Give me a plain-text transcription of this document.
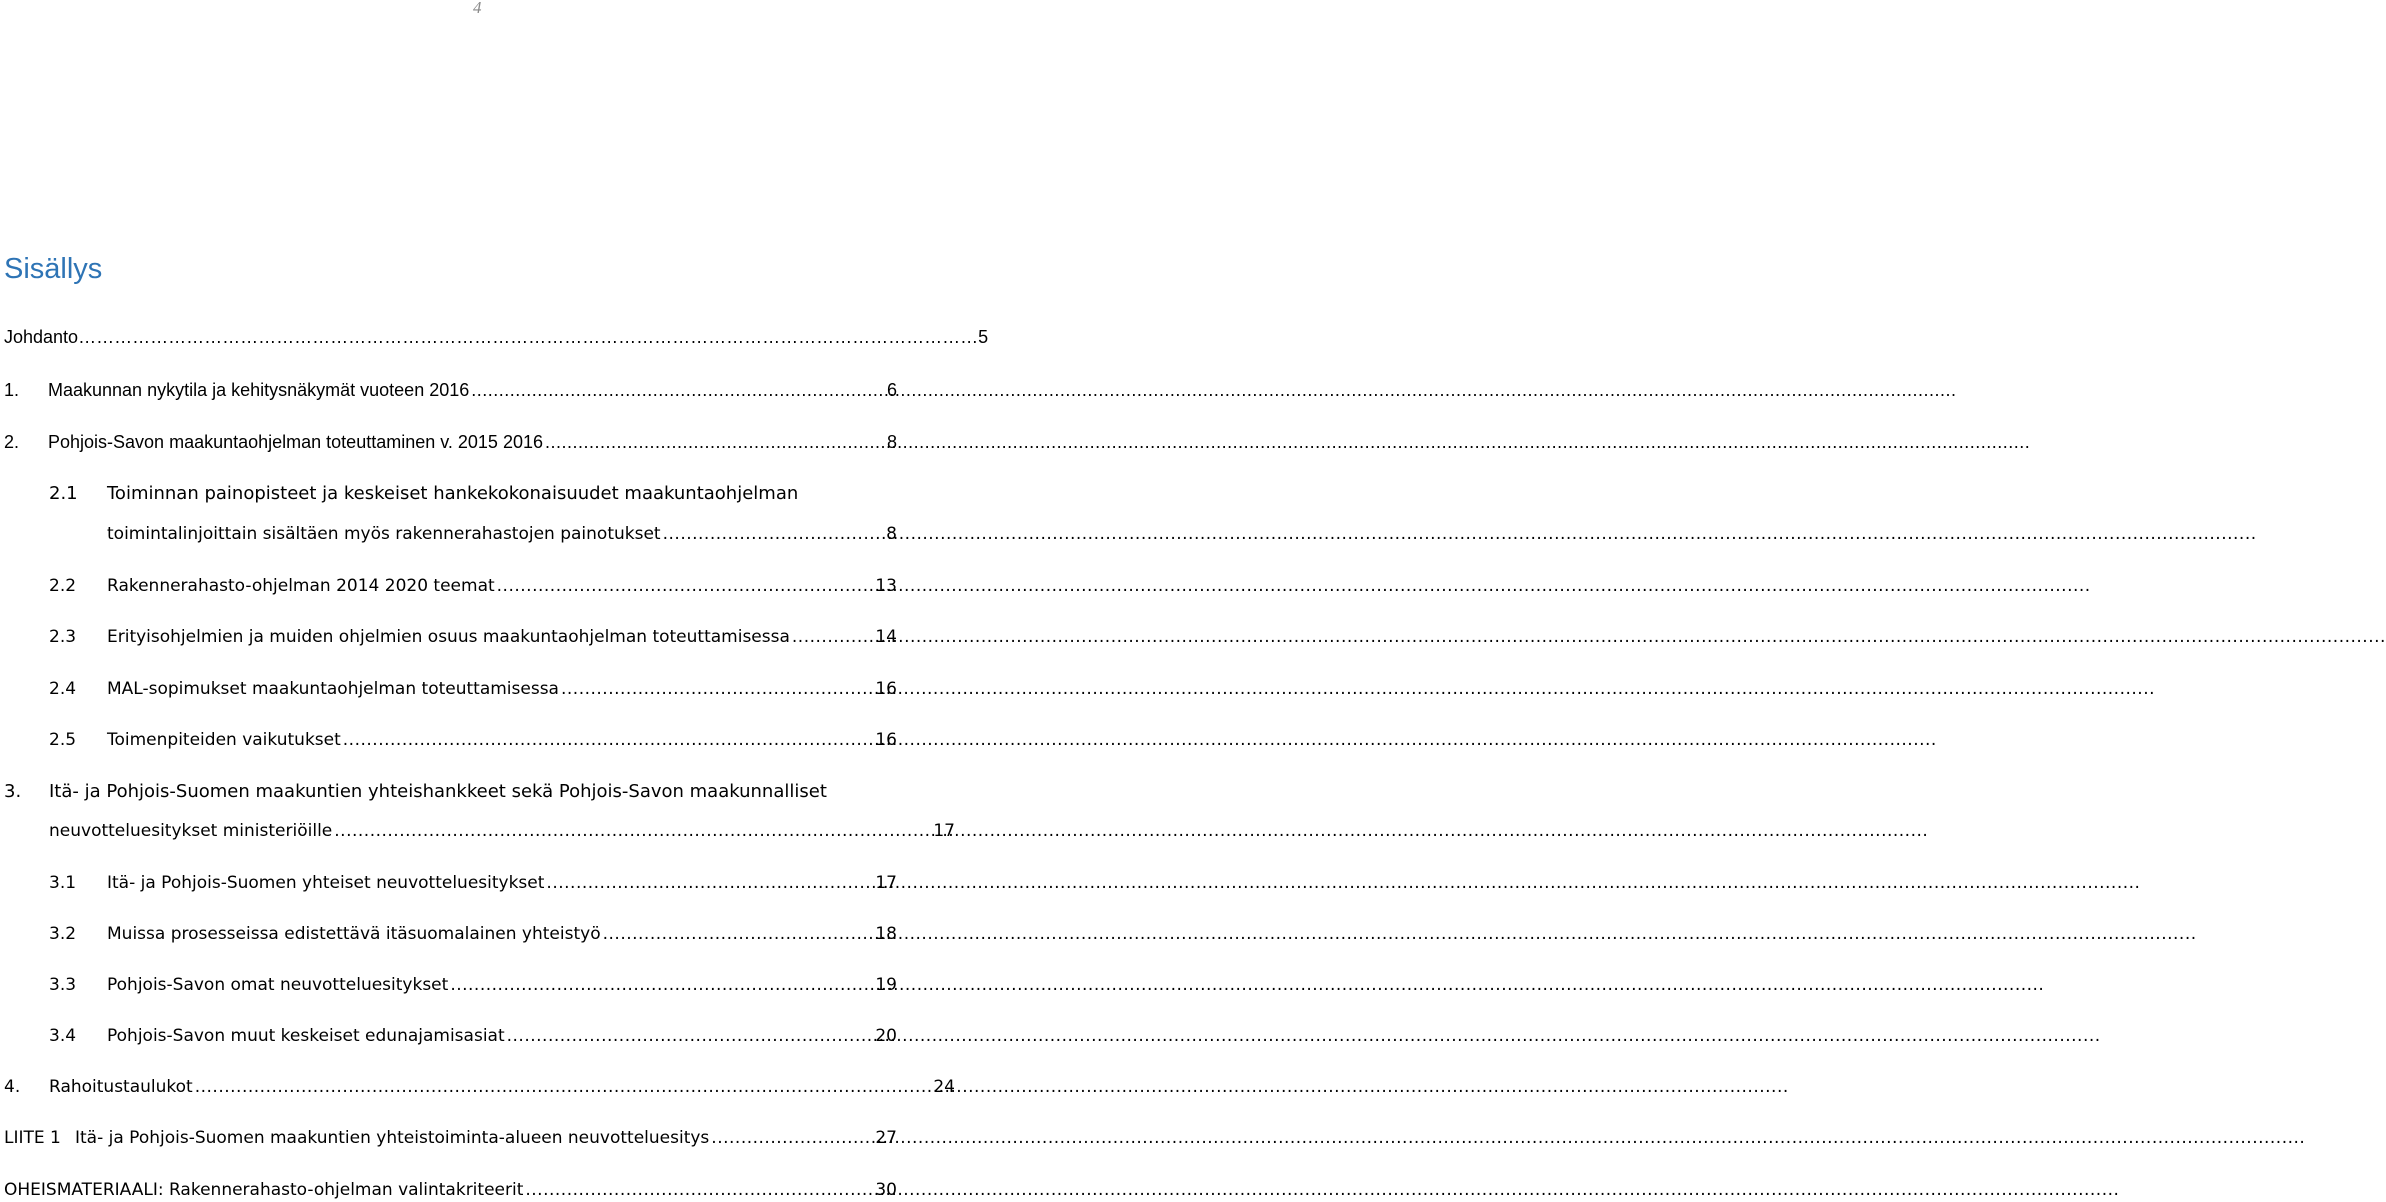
4
Sisällys
Johdanto…………………………………………………………………………………………………………………………………… 5
1.	Maakunnan nykytila ja kehitysnäkymät vuoteen 2016 .....	6
2.	Pohjois-Savon maakuntaohjelman toteuttaminen v. 2015 2016 .....	8
2.1 Toiminnan painopisteet ja keskeiset hankekokonaisuudet maakuntaohjelman
toimintalinjoittain sisältäen myös rakennerahastojen painotukset .....	8
2.2	Rakennerahasto-ohjelman 2014 2020 teemat .....	13
2.3	Erityisohjelmien ja muiden ohjelmien osuus maakuntaohjelman toteuttamisessa .....	14
2.4	MAL-sopimukset maakuntaohjelman toteuttamisessa .....	16
2.5	Toimenpiteiden vaikutukset .....	16
3. Itä- ja Pohjois-Suomen maakuntien yhteishankkeet sekä Pohjois-Savon maakunnalliset
neuvotteluesitykset ministeriöille .....	17
3.1	Itä- ja Pohjois-Suomen yhteiset neuvotteluesitykset .....	17
3.2	Muissa prosesseissa edistettävä itäsuomalainen yhteistyö .....	18
3.3	Pohjois-Savon omat neuvotteluesitykset .....	19
3.4	Pohjois-Savon muut keskeiset edunajamisasiat .....	20
4.	Rahoitustaulukot .....	24
LIITE 1 Itä- ja Pohjois-Suomen maakuntien yhteistoiminta-alueen neuvotteluesitys .....	27
OHEISMATERIAALI: Rakennerahasto-ohjelman valintakriteerit .....	30
